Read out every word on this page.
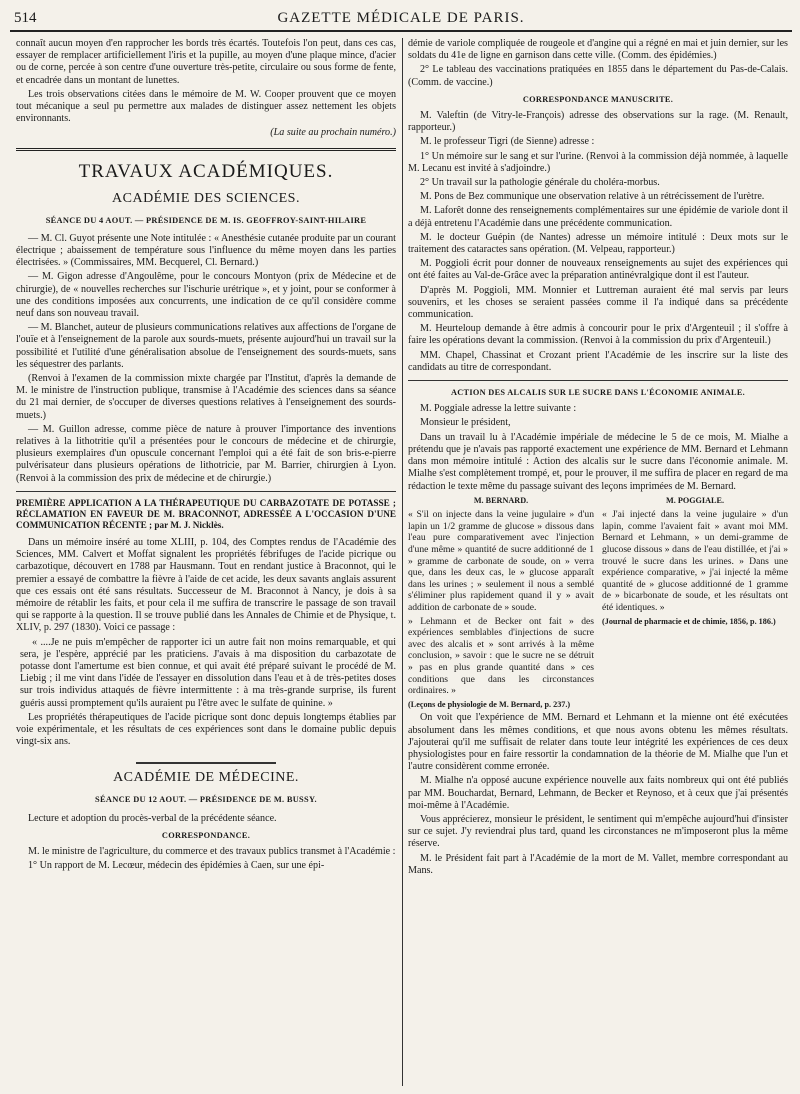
514	GAZETTE MÉDICALE DE PARIS.

connaît aucun moyen d'en rapprocher les bords très écartés. Toutefois l'on peut, dans ces cas, essayer de remplacer artificiellement l'iris et la pupille, au moyen d'une plaque mince, d'acier ou de corne, percée à son centre d'une ouverture très-petite, circulaire ou sous forme de fente, et encadrée dans un montant de lunettes.

Les trois observations citées dans le mémoire de M. W. Cooper prouvent que ce moyen tout mécanique a seul pu permettre aux malades de distinguer assez nettement les objets environnants.

(La suite au prochain numéro.)

TRAVAUX ACADÉMIQUES.
ACADÉMIE DES SCIENCES.
SÉANCE DU 4 AOUT. — PRÉSIDENCE DE M. IS. GEOFFROY-SAINT-HILAIRE

— M. Cl. Guyot présente une Note intitulée : « Anesthésie cutanée produite par un courant électrique ; abaissement de température sous l'influence du même moyen dans les parties électrisées. » (Commissaires, MM. Becquerel, Cl. Bernard.)

— M. Gigon adresse d'Angoulême, pour le concours Montyon (prix de Médecine et de chirurgie), de « nouvelles recherches sur l'ischurie urétrique », et y joint, pour se conformer à une des conditions imposées aux concurrents, une indication de ce qu'il considère comme neuf dans son nouveau travail.

— M. Blanchet, auteur de plusieurs communications relatives aux affections de l'organe de l'ouïe et à l'enseignement de la parole aux sourds-muets, présente aujourd'hui un travail sur la possibilité et l'utilité d'une généralisation absolue de l'enseignement des sourds-muets, sans les séquestrer des parlants.

(Renvoi à l'examen de la commission mixte chargée par l'Institut, d'après la demande de M. le ministre de l'instruction publique, transmise à l'Académie des sciences dans sa séance du 21 mai dernier, de s'occuper de diverses questions relatives à l'enseignement des sourds-muets.)

— M. Guillon adresse, comme pièce de nature à prouver l'importance des inventions relatives à la lithotritie qu'il a présentées pour le concours de médecine et de chirurgie, plusieurs exemplaires d'un opuscule concernant l'emploi qui a été fait de son bris-e-pierre pulvérisateur dans plusieurs opérations de lithotricie, par M. Barrier, chirurgien à Lyon. (Renvoi à la commission des prix de médecine et de chirurgie.)

PREMIÈRE APPLICATION A LA THÉRAPEUTIQUE DU CARBAZOTATE DE POTASSE ; RÉCLAMATION EN FAVEUR DE M. BRACONNOT, ADRESSÉE A L'OCCASION D'UNE COMMUNICATION RÉCENTE ; par M. J. Nicklès.

Dans un mémoire inséré au tome XLIII, p. 104, des Comptes rendus de l'Académie des Sciences, MM. Calvert et Moffat signalent les propriétés fébrifuges de l'acide picrique ou carbazotique, découvert en 1788 par Hausmann. Tout en rendant justice à Braconnot, qui le premier a essayé de combattre la fièvre à l'aide de cet acide, les deux savants anglais assurent que ces essais ont été sans résultats. Successeur de M. Braconnot à Nancy, je dois à sa mémoire de rétablir les faits, et pour cela il me suffira de transcrire le passage de son travail qui se rapporte à la question. Il se trouve publié dans les Annales de Chimie et de Physique, t. XLIV, p. 297 (1830). Voici ce passage :

« ....Je ne puis m'empêcher de rapporter ici un autre fait non moins remarquable, et qui sera, je l'espère, apprécié par les praticiens. J'avais à ma disposition du carbazotate de potasse dont l'amertume est bien connue, et qui avait été préparé suivant le procédé de M. Liebig ; il me vint dans l'idée de l'essayer en dissolution dans l'eau et à de très-petites doses sur trois individus attaqués de fièvre intermittente : à ma très-grande surprise, ils furent guéris aussi promptement qu'ils auraient pu l'être avec le sulfate de quinine. »

Les propriétés thérapeutiques de l'acide picrique sont donc depuis longtemps établies par voie expérimentale, et les résultats de ces expériences sont dans le domaine public depuis vingt-six ans.

ACADÉMIE DE MÉDECINE.
SÉANCE DU 12 AOUT. — PRÉSIDENCE DE M. BUSSY.

Lecture et adoption du procès-verbal de la précédente séance.

CORRESPONDANCE.

M. le ministre de l'agriculture, du commerce et des travaux publics transmet à l'Académie :

1° Un rapport de M. Lecœur, médecin des épidémies à Caen, sur une épi-

démie de variole compliquée de rougeole et d'angine qui a régné en mai et juin dernier, sur les soldats du 41e de ligne en garnison dans cette ville. (Comm. des épidémies.)

2° Le tableau des vaccinations pratiquées en 1855 dans le département du Pas-de-Calais. (Comm. de vaccine.)

CORRESPONDANCE MANUSCRITE.

M. Valeftin (de Vitry-le-François) adresse des observations sur la rage. (M. Renault, rapporteur.)

M. le professeur Tigri (de Sienne) adresse :

1° Un mémoire sur le sang et sur l'urine. (Renvoi à la commission déjà nommée, à laquelle M. Lecanu est invité à s'adjoindre.)

2° Un travail sur la pathologie générale du choléra-morbus.

M. Pons de Bez communique une observation relative à un rétrécissement de l'urètre.

M. Laforêt donne des renseignements complémentaires sur une épidémie de variole dont il a déjà entretenu l'Académie dans une précédente communication.

M. le docteur Guépin (de Nantes) adresse un mémoire intitulé : Deux mots sur le traitement des cataractes sans opération. (M. Velpeau, rapporteur.)

M. Poggioli écrit pour donner de nouveaux renseignements au sujet des expériences qui ont été faites au Val-de-Grâce avec la préparation antinévralgique dont il est l'auteur.

D'après M. Poggioli, MM. Monnier et Luttreman auraient été mal servis par leurs souvenirs, et les choses se seraient passées comme il l'a indiqué dans sa précédente communication.

M. Heurteloup demande à être admis à concourir pour le prix d'Argenteuil ; il s'offre à faire les opérations devant la commission. (Renvoi à la commission du prix d'Argenteuil.)

MM. Chapel, Chassinat et Crozant prient l'Académie de les inscrire sur la liste des candidats au titre de correspondant.

ACTION DES ALCALIS SUR LE SUCRE DANS L'ÉCONOMIE ANIMALE.

M. Poggiale adresse la lettre suivante :

Monsieur le président,

Dans un travail lu à l'Académie impériale de médecine le 5 de ce mois, M. Mialhe a prétendu que je n'avais pas rapporté exactement une expérience de MM. Bernard et Lehmann dans mon mémoire intitulé : Action des alcalis sur le sucre dans l'économie animale. M. Mialhe s'est complètement trompé, et, pour le prouver, il me suffira de placer en regard de ma rédaction le texte même du passage suivant des leçons imprimées de M. Bernard.

M. BERNARD.

« S'il on injecte dans la veine jugulaire » d'un lapin un 1/2 gramme de glucose » dissous dans l'eau pure comparativement avec l'injection d'une même » quantité de sucre additionné de 1 » gramme de carbonate de soude, on » verra que, dans les deux cas, le » glucose apparaît dans les urines ; » seulement il nous a semblé s'éliminer plus rapidement quand il y » avait addition de carbonate de » soude.

» Lehmann et de Becker ont fait » des expériences semblables d'injections de sucre avec des alcalis et » sont arrivés à la même conclusion, » savoir : que le sucre ne se détruit » pas en plus grande quantité dans » ces conditions que dans les circonstances ordinaires. »

(Leçons de physiologie de M. Bernard, p. 237.)

M. POGGIALE.

« J'ai injecté dans la veine jugulaire » d'un lapin, comme l'avaient fait » avant moi MM. Bernard et Lehmann, » un demi-gramme de glucose dissous » dans de l'eau distillée, et j'ai » trouvé le sucre dans les urines. » Dans une expérience comparative, » j'ai injecté la même quantité de » glucose additionné de 1 gramme de » bicarbonate de soude, et les résultats ont été identiques. »

(Journal de pharmacie et de chimie, 1856, p. 186.)

On voit que l'expérience de MM. Bernard et Lehmann et la mienne ont été exécutées absolument dans les mêmes conditions, et que nous avons obtenu les mêmes résultats. J'ajouterai qu'il me suffisait de relater dans toute leur intégrité les expériences de ces deux physiologistes pour en faire ressortir la condamnation de la théorie de M. Mialhe que l'un et l'autre considèrent comme erronée.

M. Mialhe n'a opposé aucune expérience nouvelle aux faits nombreux qui ont été publiés par MM. Bouchardat, Bernard, Lehmann, de Becker et Reynoso, et à ceux que j'ai présentés moi-même à l'Académie.

Vous apprécierez, monsieur le président, le sentiment qui m'empêche aujourd'hui d'insister sur ce sujet. J'y reviendrai plus tard, quand les circonstances ne m'imposeront plus la même réserve.

M. le Président fait part à l'Académie de la mort de M. Vallet, membre correspondant au Mans.
